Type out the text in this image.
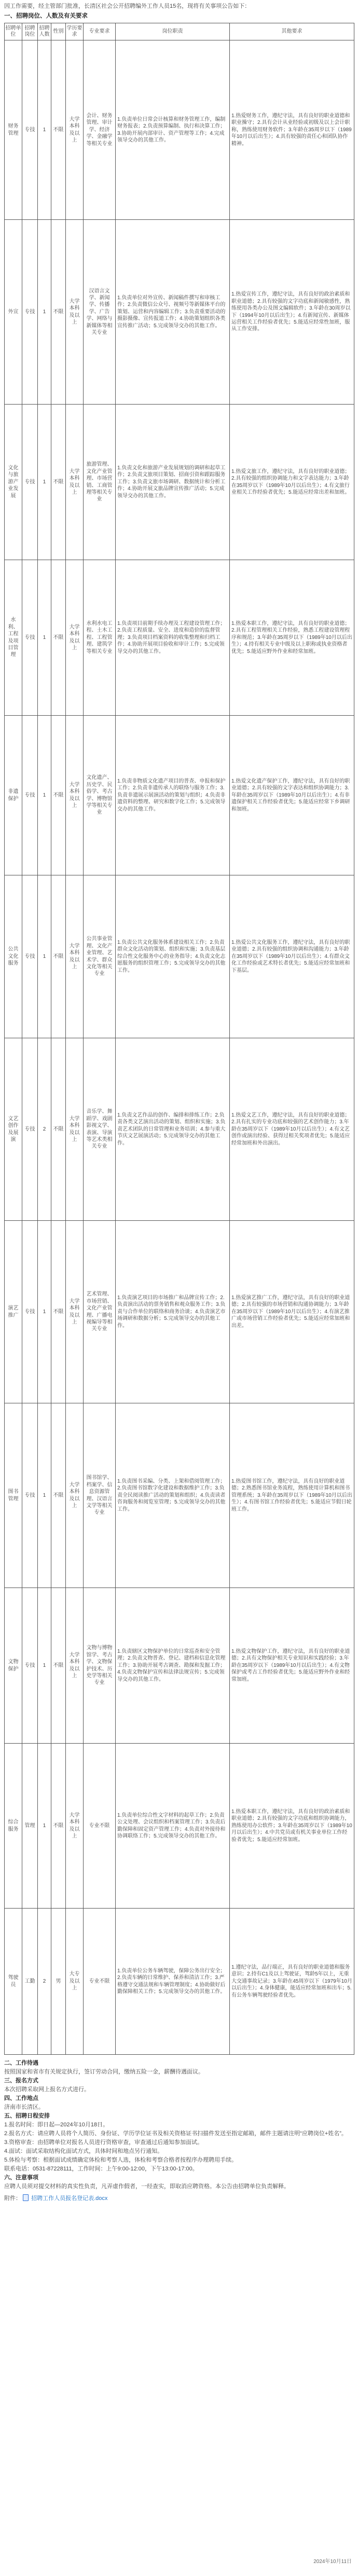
因工作需要，经主管部门批准，长清区社会公开招聘编外工作人员15名，现将有关事项公告如下：

一、招聘岗位、人数及有关要求
招聘单位	招聘岗位	招聘人数	性别	学历要求	专业要求	岗位职责	其他要求
财务管理	专技	1	不限	大学本科及以上	会计、财务管理、审计学、经济学、金融学等相关专业	1.负责单位日常会计核算和财务管理工作，编制财务报表；2.负责预算编制、执行和决算工作；3.协助开展内部审计、资产管理等工作；4.完成领导交办的其他工作。	1.热爱财务工作，遵纪守法，具有良好的职业道德和职业操守；2.具有会计从业经验或初级及以上会计职称，熟练使用财务软件；3.年龄在35周岁以下（1989年10月以后出生）；4.具有较强的责任心和团队协作精神。
外宣	专技	1	不限	大学本科及以上	汉语言文学、新闻学、传播学、广告学、网络与新媒体等相关专业	1.负责单位对外宣传、新闻稿件撰写和审核工作；2.负责微信公众号、视频号等新媒体平台的策划、运营和内容编辑工作；3.负责重要活动的摄影摄像、宣传报道工作；4.协助策划组织各类宣传推广活动；5.完成领导交办的其他工作。	1.热爱宣传工作，遵纪守法，具有良好的政治素质和职业道德；2.具有较强的文字功底和新闻敏感性，熟练使用各类办公及图文编辑软件；3.年龄在30周岁以下（1994年10月以后出生）；4.有新闻宣传、新媒体运营相关工作经验者优先；5.能适应经常性加班，服从工作安排。
文化与旅游产业发展	专技	1	不限	大学本科及以上	旅游管理、文化产业管理、市场营销、工商管理等相关专业	1.负责文化和旅游产业发展规划的调研和起草工作；2.负责文旅项目策划、招商引资和跟踪服务工作；3.负责文旅市场调研、数据统计和分析工作；4.协助开展文旅品牌宣传推广活动；5.完成领导交办的其他工作。	1.热爱文旅工作，遵纪守法，具有良好的职业道德；2.具有较强的组织协调能力和文字表达能力；3.年龄在35周岁以下（1989年10月以后出生）；4.有文旅行业相关工作经验者优先；5.能适应经常出差和加班。
水利、工程及项目管理	专技	1	不限	大学本科及以上	水利水电工程、土木工程、工程管理、建筑学等相关专业	1.负责项目前期手续办理及工程建设管理工作；2.负责工程质量、安全、进度和造价的监督管理；3.负责项目档案资料的收集整理和归档工作；4.协助开展项目验收和审计工作；5.完成领导交办的其他工作。	1.热爱本职工作，遵纪守法，具有良好的职业道德；2.具有工程管理相关工作经验，熟悉工程建设管理程序和规范；3.年龄在35周岁以下（1989年10月以后出生）；4.持有相关专业中级及以上职称或执业资格者优先；5.能适应野外作业和经常加班。
非遗保护	专技	1	不限	大学本科及以上	文化遗产、历史学、民俗学、考古学、博物馆学等相关专业	1.负责非物质文化遗产项目的普查、申报和保护工作；2.负责非遗传承人的联络与服务工作；3.负责非遗展示展演活动的策划与组织；4.负责非遗资料的整理、研究和数字化工作；5.完成领导交办的其他工作。	1.热爱文化遗产保护工作，遵纪守法，具有良好的职业道德；2.具有较强的文字表达和组织协调能力；3.年龄在35周岁以下（1989年10月以后出生）；4.有非遗保护相关工作经验者优先；5.能适应经常下乡调研和加班。
公共文化服务	专技	1	不限	大学本科及以上	公共事业管理、文化产业管理、艺术学、群众文化等相关专业	1.负责公共文化服务体系建设相关工作；2.负责群众文化活动的策划、组织和实施；3.负责基层综合性文化服务中心的业务指导；4.负责文化志愿服务的组织管理工作；5.完成领导交办的其他工作。	1.热爱公共文化服务工作，遵纪守法，具有良好的职业道德；2.具有较强的组织协调和沟通能力；3.年龄在35周岁以下（1989年10月以后出生）；4.有群众文化工作经验或艺术特长者优先；5.能适应经常加班和下基层。
文艺创作及展演	专技	2	不限	大学本科及以上	音乐学、舞蹈学、戏剧影视文学、表演、导演等艺术类相关专业	1.负责文艺作品的创作、编排和排练工作；2.负责各类文艺演出活动的策划、组织和实施；3.负责艺术团队的日常管理和业务培训；4.参与重大节庆文艺展演活动；5.完成领导交办的其他工作。	1.热爱文艺工作，遵纪守法，具有良好的职业道德；2.具有扎实的专业功底和较强的艺术创作能力；3.年龄在35周岁以下（1989年10月以后出生）；4.有文艺创作或演出经验、获得过相关奖项者优先；5.能适应经常加班和外出演出。
演艺推广	专技	1	不限	大学本科及以上	艺术管理、市场营销、文化产业管理、广播电视编导等相关专业	1.负责演艺项目的市场推广和品牌宣传工作；2.负责演出活动的票务销售和观众服务工作；3.负责与合作单位的联络和商务洽谈；4.负责演艺市场调研和数据分析；5.完成领导交办的其他工作。	1.热爱演艺推广工作，遵纪守法，具有良好的职业道德；2.具有较强的市场营销和沟通协调能力；3.年龄在35周岁以下（1989年10月以后出生）；4.有演艺推广或市场营销工作经验者优先；5.能适应经常加班和出差。
图书管理	专技	1	不限	大学本科及以上	图书馆学、档案学、信息资源管理、汉语言文学等相关专业	1.负责图书采编、分类、上架和借阅管理工作；2.负责图书馆数字化建设和数据维护工作；3.负责全民阅读推广活动的策划和组织；4.负责读者咨询服务和阅览室管理；5.完成领导交办的其他工作。	1.热爱图书馆工作，遵纪守法，具有良好的职业道德；2.熟悉图书馆业务流程，熟练使用计算机和图书管理系统；3.年龄在35周岁以下（1989年10月以后出生）；4.有图书馆工作经验者优先；5.能适应节假日轮班工作。
文物保护	专技	1	不限	大学本科及以上	文物与博物馆学、考古学、文物保护技术、历史学等相关专业	1.负责辖区文物保护单位的日常巡查和安全管理；2.负责文物普查、登记、建档和信息化管理工作；3.协助开展考古调查、勘探和发掘工作；4.负责文物保护宣传和法律法规宣传；5.完成领导交办的其他工作。	1.热爱文物保护工作，遵纪守法，具有良好的职业道德；2.具有文物保护相关专业知识和实践经验；3.年龄在35周岁以下（1989年10月以后出生）；4.有文物保护或考古工作经验者优先；5.能适应野外作业和经常加班。
综合服务	管理	1	不限	大学本科及以上	专业不限	1.负责单位综合性文字材料的起草工作；2.负责公文处理、会议组织和档案管理工作；3.负责后勤保障和固定资产管理工作；4.负责对外接待和协调联络工作；5.完成领导交办的其他工作。	1.热爱本职工作，遵纪守法，具有良好的政治素质和职业道德；2.具有较强的文字功底和组织协调能力，熟练使用办公软件；3.年龄在35周岁以下（1989年10月以后出生）；4.中共党员或有机关事业单位工作经验者优先；5.能适应经常加班。
驾驶员	工勤	2	男	大专及以上	专业不限	1.负责单位公务车辆驾驶，保障公务出行安全；2.负责车辆的日常维护、保养和清洁工作；3.严格遵守交通法规和车辆管理制度；4.协助做好后勤保障相关工作；5.完成领导交办的其他工作。	1.遵纪守法，品行端正，具有良好的职业道德和服务意识；2.持有C1及以上驾驶证，驾龄5年以上，无重大交通事故记录；3.年龄在45周岁以下（1979年10月以后出生）；4.身体健康，能适应经常加班和出车；5.有公务车辆驾驶经验者优先。

二、工作待遇

按照国家和省市有关规定执行，签订劳动合同，缴纳五险一金，薪酬待遇面议。

三、报名方式

本次招聘采取网上报名方式进行。

四、工作地点

济南市长清区。

五、招聘日程安排

1.报名时间：即日起—2024年10月18日。

2.报名方式：请应聘人员将个人简历、身份证、学历学位证书及相关资格证书扫描件发送至指定邮箱，邮件主题请注明“应聘岗位+姓名”。

3.资格审查：由招聘单位对报名人员进行资格审查，审查通过后通知参加面试。

4.面试：面试采取结构化面试方式，具体时间和地点另行通知。

5.体检与考察：根据面试成绩确定体检和考察人选，体检和考察合格者按程序办理聘用手续。

联系电话：0531-87228111，工作时间：上午9:00-12:00，下午13:00-17:00。

六、注意事项

应聘人员须对提交材料的真实性负责，凡弄虚作假者，一经查实，即取消应聘资格。本公告由招聘单位负责解释。

附件： 招聘工作人员报名登记表.docx
2024年10月11日
